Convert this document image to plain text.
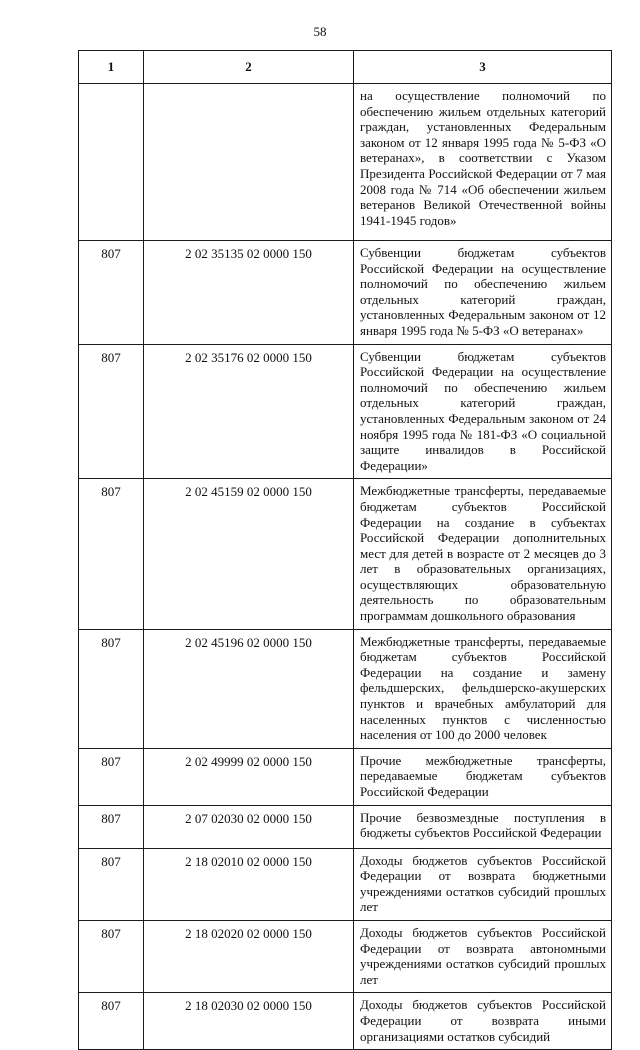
58
1	2	3
		на осуществление полномочий по обеспечению жильем отдельных категорий граждан, установленных Федеральным законом от 12 января 1995 года № 5-ФЗ «О ветеранах», в соответствии с Указом Президента Российской Федерации от 7 мая 2008 года № 714 «Об обеспечении жильем ветеранов Великой Отечественной войны 1941-1945 годов»
807	2 02 35135 02 0000 150	Субвенции бюджетам субъектов Российской Федерации на осуществление полномочий по обеспечению жильем отдельных категорий граждан, установленных Федеральным законом от 12 января 1995 года № 5-ФЗ «О ветеранах»
807	2 02 35176 02 0000 150	Субвенции бюджетам субъектов Российской Федерации на осуществление полномочий по обеспечению жильем отдельных категорий граждан, установленных Федеральным законом от 24 ноября 1995 года № 181-ФЗ «О социальной защите инвалидов в Российской Федерации»
807	2 02 45159 02 0000 150	Межбюджетные трансферты, передаваемые бюджетам субъектов Российской Федерации на создание в субъектах Российской Федерации дополнительных мест для детей в возрасте от 2 месяцев до 3 лет в образовательных организациях, осуществляющих образовательную деятельность по образовательным программам дошкольного образования
807	2 02 45196 02 0000 150	Межбюджетные трансферты, передаваемые бюджетам субъектов Российской Федерации на создание и замену фельдшерских, фельдшерско-акушерских пунктов и врачебных амбулаторий для населенных пунктов с численностью населения от 100 до 2000 человек
807	2 02 49999 02 0000 150	Прочие межбюджетные трансферты, передаваемые бюджетам субъектов Российской Федерации
807	2 07 02030 02 0000 150	Прочие безвозмездные поступления в бюджеты субъектов Российской Федерации
807	2 18 02010 02 0000 150	Доходы бюджетов субъектов Российской Федерации от возврата бюджетными учреждениями остатков субсидий прошлых лет
807	2 18 02020 02 0000 150	Доходы бюджетов субъектов Российской Федерации от возврата автономными учреждениями остатков субсидий прошлых лет
807	2 18 02030 02 0000 150	Доходы бюджетов субъектов Российской Федерации от возврата иными организациями остатков субсидий
